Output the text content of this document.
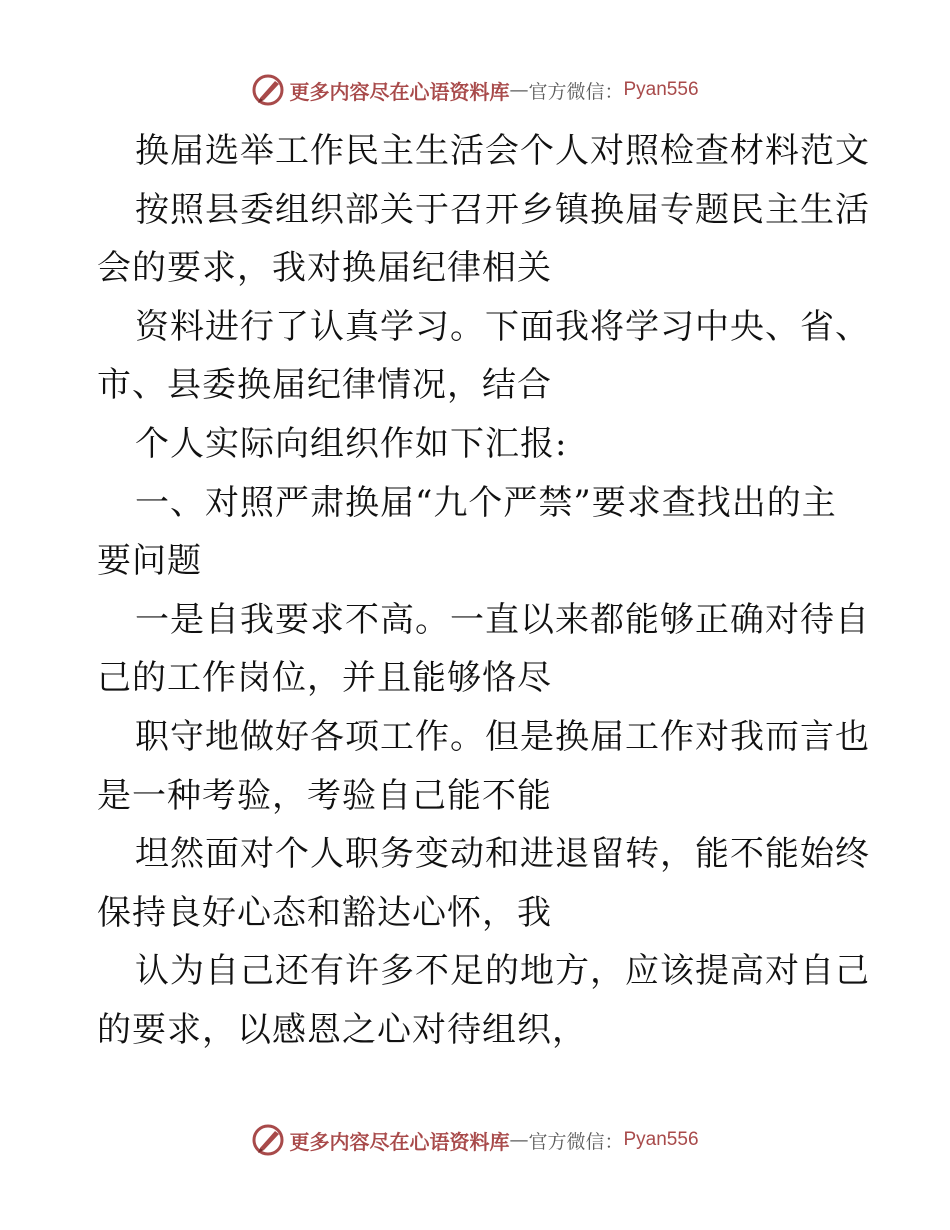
更多内容尽在心语资料库 — 官方微信： Pyan556
换届选举工作民主生活会个人对照检查材料范文
按照县委组织部关于召开乡镇换届专题民主生活
会的要求，我对换届纪律相关
资料进行了认真学习。下面我将学习中央、省、
市、县委换届纪律情况，结合
个人实际向组织作如下汇报:
一、对照严肃换届“九个严禁”要求查找出的主
要问题
一是自我要求不高。一直以来都能够正确对待自
己的工作岗位，并且能够恪尽
职守地做好各项工作。但是换届工作对我而言也
是一种考验，考验自己能不能
坦然面对个人职务变动和进退留转，能不能始终
保持良好心态和豁达心怀，我
认为自己还有许多不足的地方，应该提高对自己
的要求，以感恩之心对待组织，
更多内容尽在心语资料库 — 官方微信： Pyan556
